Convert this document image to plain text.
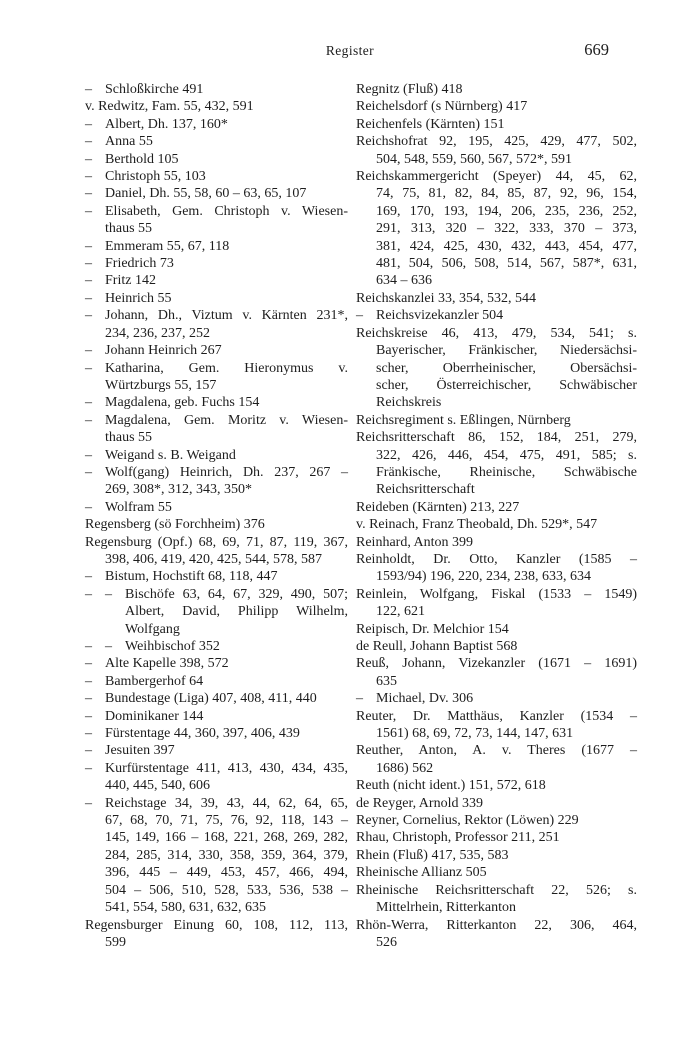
Register	669
– Schloßkirche 491
v. Redwitz, Fam. 55, 432, 591
– Albert, Dh. 137, 160*
– Anna 55
– Berthold 105
– Christoph 55, 103
– Daniel, Dh. 55, 58, 60 – 63, 65, 107
– Elisabeth, Gem. Christoph v. Wiesen-
thaus 55
– Emmeram 55, 67, 118
– Friedrich 73
– Fritz 142
– Heinrich 55
– Johann, Dh., Viztum v. Kärnten 231*,
234, 236, 237, 252
– Johann Heinrich 267
– Katharina, Gem. Hieronymus v.
Würtzburgs 55, 157
– Magdalena, geb. Fuchs 154
– Magdalena, Gem. Moritz v. Wiesen-
thaus 55
– Weigand s. B. Weigand
– Wolf(gang) Heinrich, Dh. 237, 267 –
269, 308*, 312, 343, 350*
– Wolfram 55
Regensberg (sö Forchheim) 376
Regensburg (Opf.) 68, 69, 71, 87, 119, 367,
398, 406, 419, 420, 425, 544, 578, 587
– Bistum, Hochstift 68, 118, 447
– – Bischöfe 63, 64, 67, 329, 490, 507;
Albert, David, Philipp Wilhelm,
Wolfgang
– – Weihbischof 352
– Alte Kapelle 398, 572
– Bambergerhof 64
– Bundestage (Liga) 407, 408, 411, 440
– Dominikaner 144
– Fürstentage 44, 360, 397, 406, 439
– Jesuiten 397
– Kurfürstentage 411, 413, 430, 434, 435,
440, 445, 540, 606
– Reichstage 34, 39, 43, 44, 62, 64, 65,
67, 68, 70, 71, 75, 76, 92, 118, 143 –
145, 149, 166 – 168, 221, 268, 269, 282,
284, 285, 314, 330, 358, 359, 364, 379,
396, 445 – 449, 453, 457, 466, 494,
504 – 506, 510, 528, 533, 536, 538 –
541, 554, 580, 631, 632, 635
Regensburger Einung 60, 108, 112, 113,
599
Regnitz (Fluß) 418
Reichelsdorf (s Nürnberg) 417
Reichenfels (Kärnten) 151
Reichshofrat 92, 195, 425, 429, 477, 502,
504, 548, 559, 560, 567, 572*, 591
Reichskammergericht (Speyer) 44, 45, 62,
74, 75, 81, 82, 84, 85, 87, 92, 96, 154,
169, 170, 193, 194, 206, 235, 236, 252,
291, 313, 320 – 322, 333, 370 – 373,
381, 424, 425, 430, 432, 443, 454, 477,
481, 504, 506, 508, 514, 567, 587*, 631,
634 – 636
Reichskanzlei 33, 354, 532, 544
– Reichsvizekanzler 504
Reichskreise 46, 413, 479, 534, 541; s.
Bayerischer, Fränkischer, Niedersächsi-
scher, Oberrheinischer, Obersächsi-
scher, Österreichischer, Schwäbischer
Reichskreis
Reichsregiment s. Eßlingen, Nürnberg
Reichsritterschaft 86, 152, 184, 251, 279,
322, 426, 446, 454, 475, 491, 585; s.
Fränkische, Rheinische, Schwäbische
Reichsritterschaft
Reideben (Kärnten) 213, 227
v. Reinach, Franz Theobald, Dh. 529*, 547
Reinhard, Anton 399
Reinholdt, Dr. Otto, Kanzler (1585 –
1593/94) 196, 220, 234, 238, 633, 634
Reinlein, Wolfgang, Fiskal (1533 – 1549)
122, 621
Reipisch, Dr. Melchior 154
de Reull, Johann Baptist 568
Reuß, Johann, Vizekanzler (1671 – 1691)
635
– Michael, Dv. 306
Reuter, Dr. Matthäus, Kanzler (1534 –
1561) 68, 69, 72, 73, 144, 147, 631
Reuther, Anton, A. v. Theres (1677 –
1686) 562
Reuth (nicht ident.) 151, 572, 618
de Reyger, Arnold 339
Reyner, Cornelius, Rektor (Löwen) 229
Rhau, Christoph, Professor 211, 251
Rhein (Fluß) 417, 535, 583
Rheinische Allianz 505
Rheinische Reichsritterschaft 22, 526; s.
Mittelrhein, Ritterkanton
Rhön-Werra, Ritterkanton 22, 306, 464,
526
